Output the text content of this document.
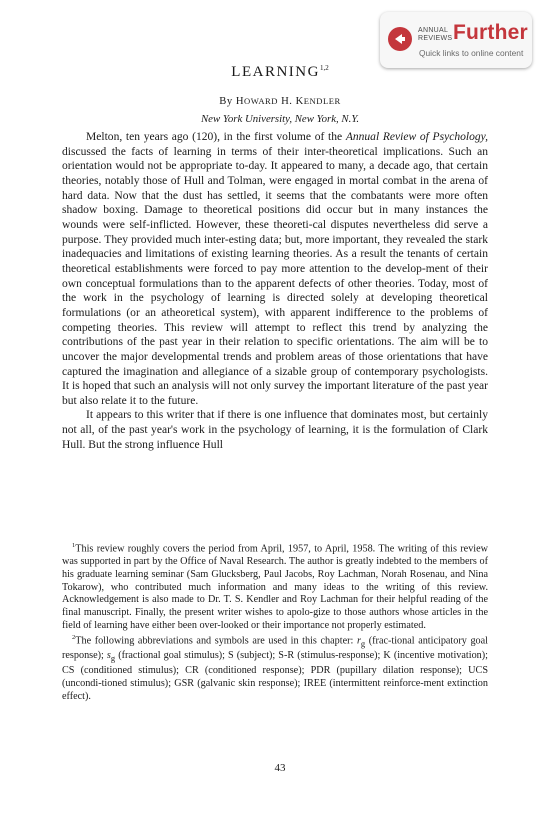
ANNUAL
REVIEWS Further
Quick links to online content
LEARNING$^{1,2}$
By HOWARD H. KENDLER
New York University, New York, N.Y.

Melton, ten years ago (120), in the first volume of the Annual Review of Psychology, discussed the facts of learning in terms of their inter-theoretical implications. Such an orientation would not be appropriate to-day. It appeared to many, a decade ago, that certain theories, notably those of Hull and Tolman, were engaged in mortal combat in the arena of hard data. Now that the dust has settled, it seems that the combatants were more often shadow boxing. Damage to theoretical positions did occur but in many instances the wounds were self-inflicted. However, these theoreti-cal disputes nevertheless did serve a purpose. They provided much inter-esting data; but, more important, they revealed the stark inadequacies and limitations of existing learning theories. As a result the tenants of certain theoretical establishments were forced to pay more attention to the develop-ment of their own conceptual formulations than to the apparent defects of other theories. Today, most of the work in the psychology of learning is directed solely at developing theoretical formulations (or an atheoretical system), with apparent indifference to the problems of competing theories. This review will attempt to reflect this trend by analyzing the contributions of the past year in their relation to specific orientations. The aim will be to uncover the major developmental trends and problem areas of those orientations that have captured the imagination and allegiance of a sizable group of contemporary psychologists. It is hoped that such an analysis will not only survey the important literature of the past year but also relate it to the future.

It appears to this writer that if there is one influence that dominates most, but certainly not all, of the past year's work in the psychology of learning, it is the formulation of Clark Hull. But the strong influence Hull

$^1$This review roughly covers the period from April, 1957, to April, 1958. The writing of this review was supported in part by the Office of Naval Research. The author is greatly indebted to the members of his graduate learning seminar (Sam Glucksberg, Paul Jacobs, Roy Lachman, Norah Rosenau, and Nina Tokarow), who contributed much information and many ideas to the writing of this review. Acknowledgement is also made to Dr. T. S. Kendler and Roy Lachman for their helpful reading of the final manuscript. Finally, the present writer wishes to apolo-gize to those authors whose articles in the field of learning have either been over-looked or their importance not properly estimated.

$^2$The following abbreviations and symbols are used in this chapter: $r_g$ (frac-tional anticipatory goal response); $s_g$ (fractional goal stimulus); S (subject); S-R (stimulus-response); K (incentive motivation); CS (conditioned stimulus); CR (conditioned response); PDR (pupillary dilation response); UCS (uncondi-tioned stimulus); GSR (galvanic skin response); IREE (intermittent reinforce-ment extinction effect).

43
